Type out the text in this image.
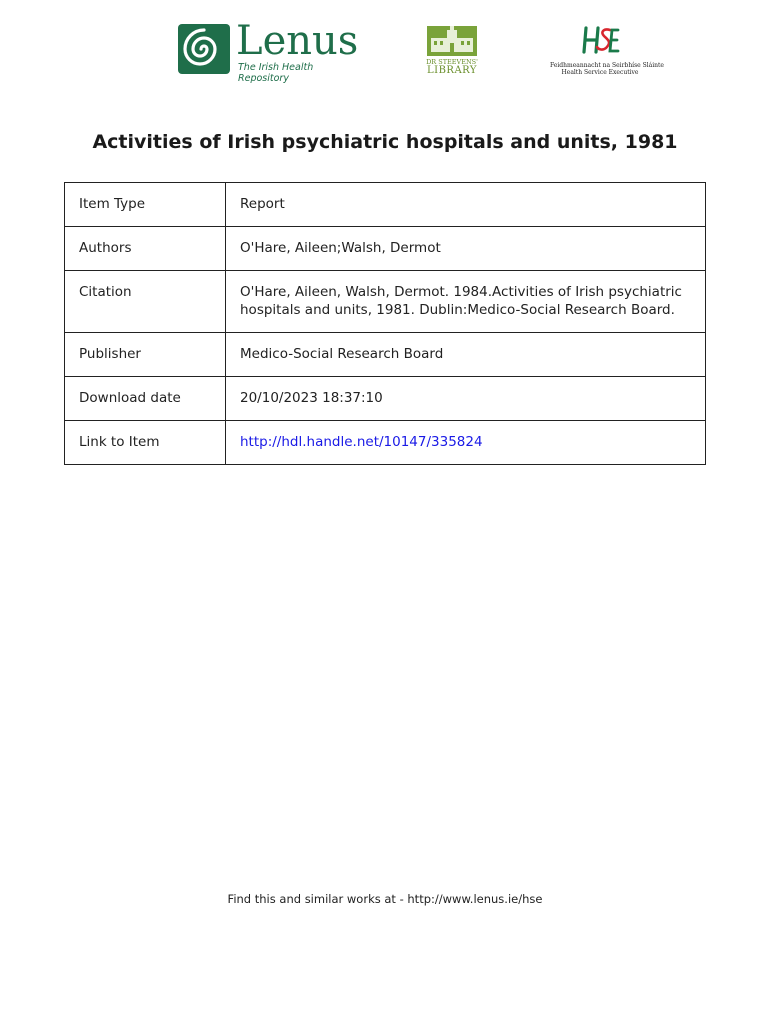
Lenus
The Irish Health Repository
DR STEEVENS'
LIBRARY	Feidhmeannacht na Seirbhíse Sláinte
Health Service Executive
Activities of Irish psychiatric hospitals and units, 1981
Item Type	Report
Authors	O'Hare, Aileen;Walsh, Dermot
Citation	O'Hare, Aileen, Walsh, Dermot. 1984.Activities of Irish psychiatric hospitals and units, 1981. Dublin:Medico-Social Research Board.
Publisher	Medico-Social Research Board
Download date	20/10/2023 18:37:10
Link to Item	http://hdl.handle.net/10147/335824
Find this and similar works at - http://www.lenus.ie/hse
